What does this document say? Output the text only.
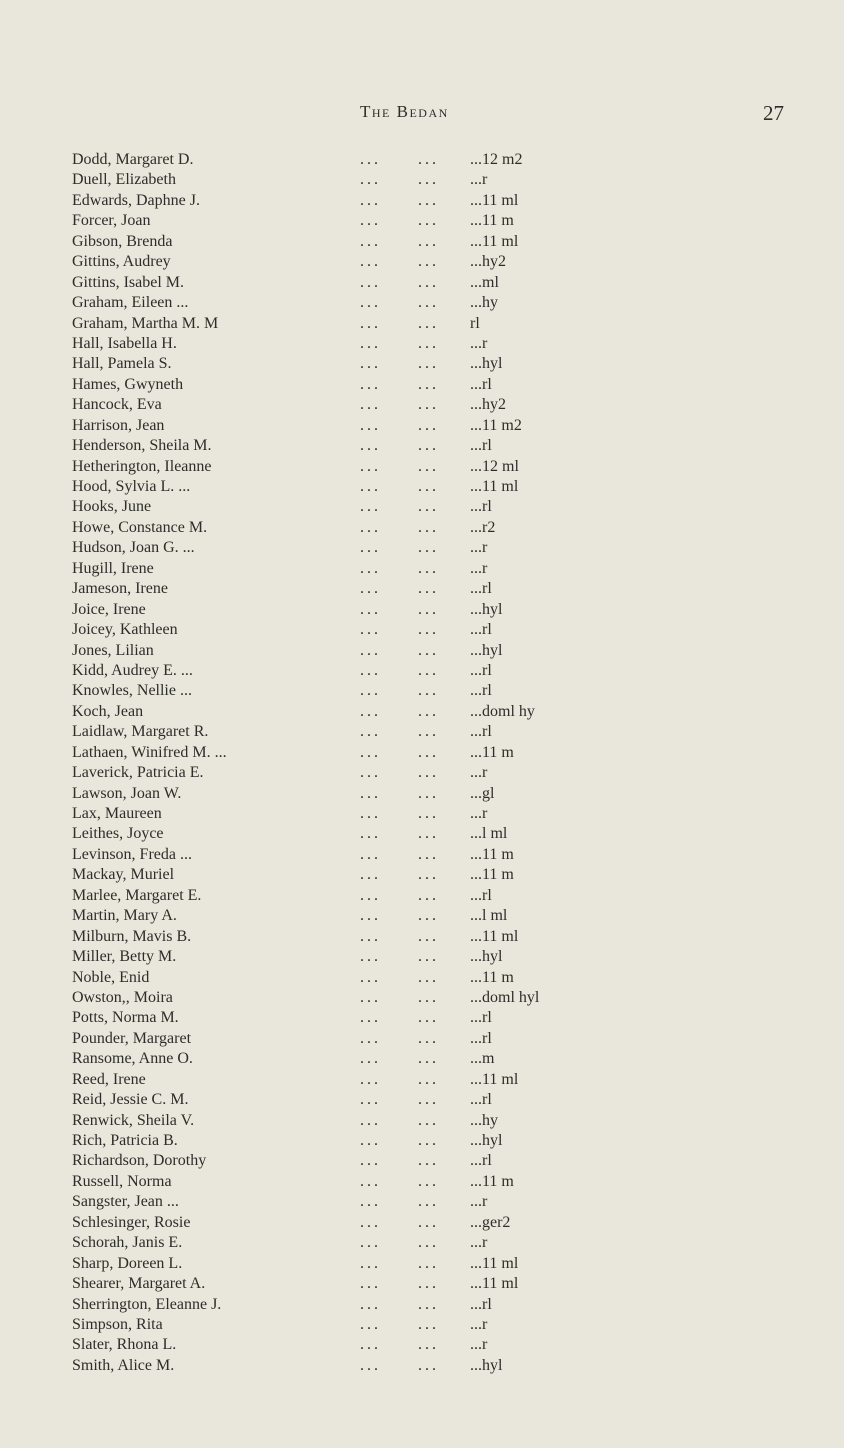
The Bedan	27
Dodd, Margaret D.	... ... ...12 m2
Duell, Elizabeth	... ... ...r
Edwards, Daphne J.	... ... ...11 ml
Forcer, Joan	... ... ...11 m
Gibson, Brenda	... ... ...11 ml
Gittins, Audrey	... ... ...hy2
Gittins, Isabel M.	... ... ...ml
Graham, Eileen ...	... ... ...hy
Graham, Martha M. M	... ... rl
Hall, Isabella H.	... ... ...r
Hall, Pamela S.	... ... ...hyl
Hames, Gwyneth	... ... ...rl
Hancock, Eva	... ... ...hy2
Harrison, Jean	... ... ...11 m2
Henderson, Sheila M.	... ... ...rl
Hetherington, Ileanne	... ... ...12 ml
Hood, Sylvia L. ...	... ... ...11 ml
Hooks, June	... ... ...rl
Howe, Constance M.	... ... ...r2
Hudson, Joan G. ...	... ... ...r
Hugill, Irene	... ... ...r
Jameson, Irene	... ... ...rl
Joice, Irene	... ... ...hyl
Joicey, Kathleen	... ... ...rl
Jones, Lilian	... ... ...hyl
Kidd, Audrey E. ...	... ... ...rl
Knowles, Nellie ...	... ... ...rl
Koch, Jean	... ... ...doml hy
Laidlaw, Margaret R.	... ... ...rl
Lathaen, Winifred M. ...	... ... ...11 m
Laverick, Patricia E.	... ... ...r
Lawson, Joan W.	... ... ...gl
Lax, Maureen	... ... ...r
Leithes, Joyce	... ... ...l ml
Levinson, Freda ...	... ... ...11 m
Mackay, Muriel	... ... ...11 m
Marlee, Margaret E.	... ... ...rl
Martin, Mary A.	... ... ...l ml
Milburn, Mavis B.	... ... ...11 ml
Miller, Betty M.	... ... ...hyl
Noble, Enid	... ... ...11 m
Owston,, Moira	... ... ...doml hyl
Potts, Norma M.	... ... ...rl
Pounder, Margaret	... ... ...rl
Ransome, Anne O.	... ... ...m
Reed, Irene	... ... ...11 ml
Reid, Jessie C. M.	... ... ...rl
Renwick, Sheila V.	... ... ...hy
Rich, Patricia B.	... ... ...hyl
Richardson, Dorothy	... ... ...rl
Russell, Norma	... ... ...11 m
Sangster, Jean ...	... ... ...r
Schlesinger, Rosie	... ... ...ger2
Schorah, Janis E.	... ... ...r
Sharp, Doreen L.	... ... ...11 ml
Shearer, Margaret A.	... ... ...11 ml
Sherrington, Eleanne J.	... ... ...rl
Simpson, Rita	... ... ...r
Slater, Rhona L.	... ... ...r
Smith, Alice M.	... ... ...hyl
